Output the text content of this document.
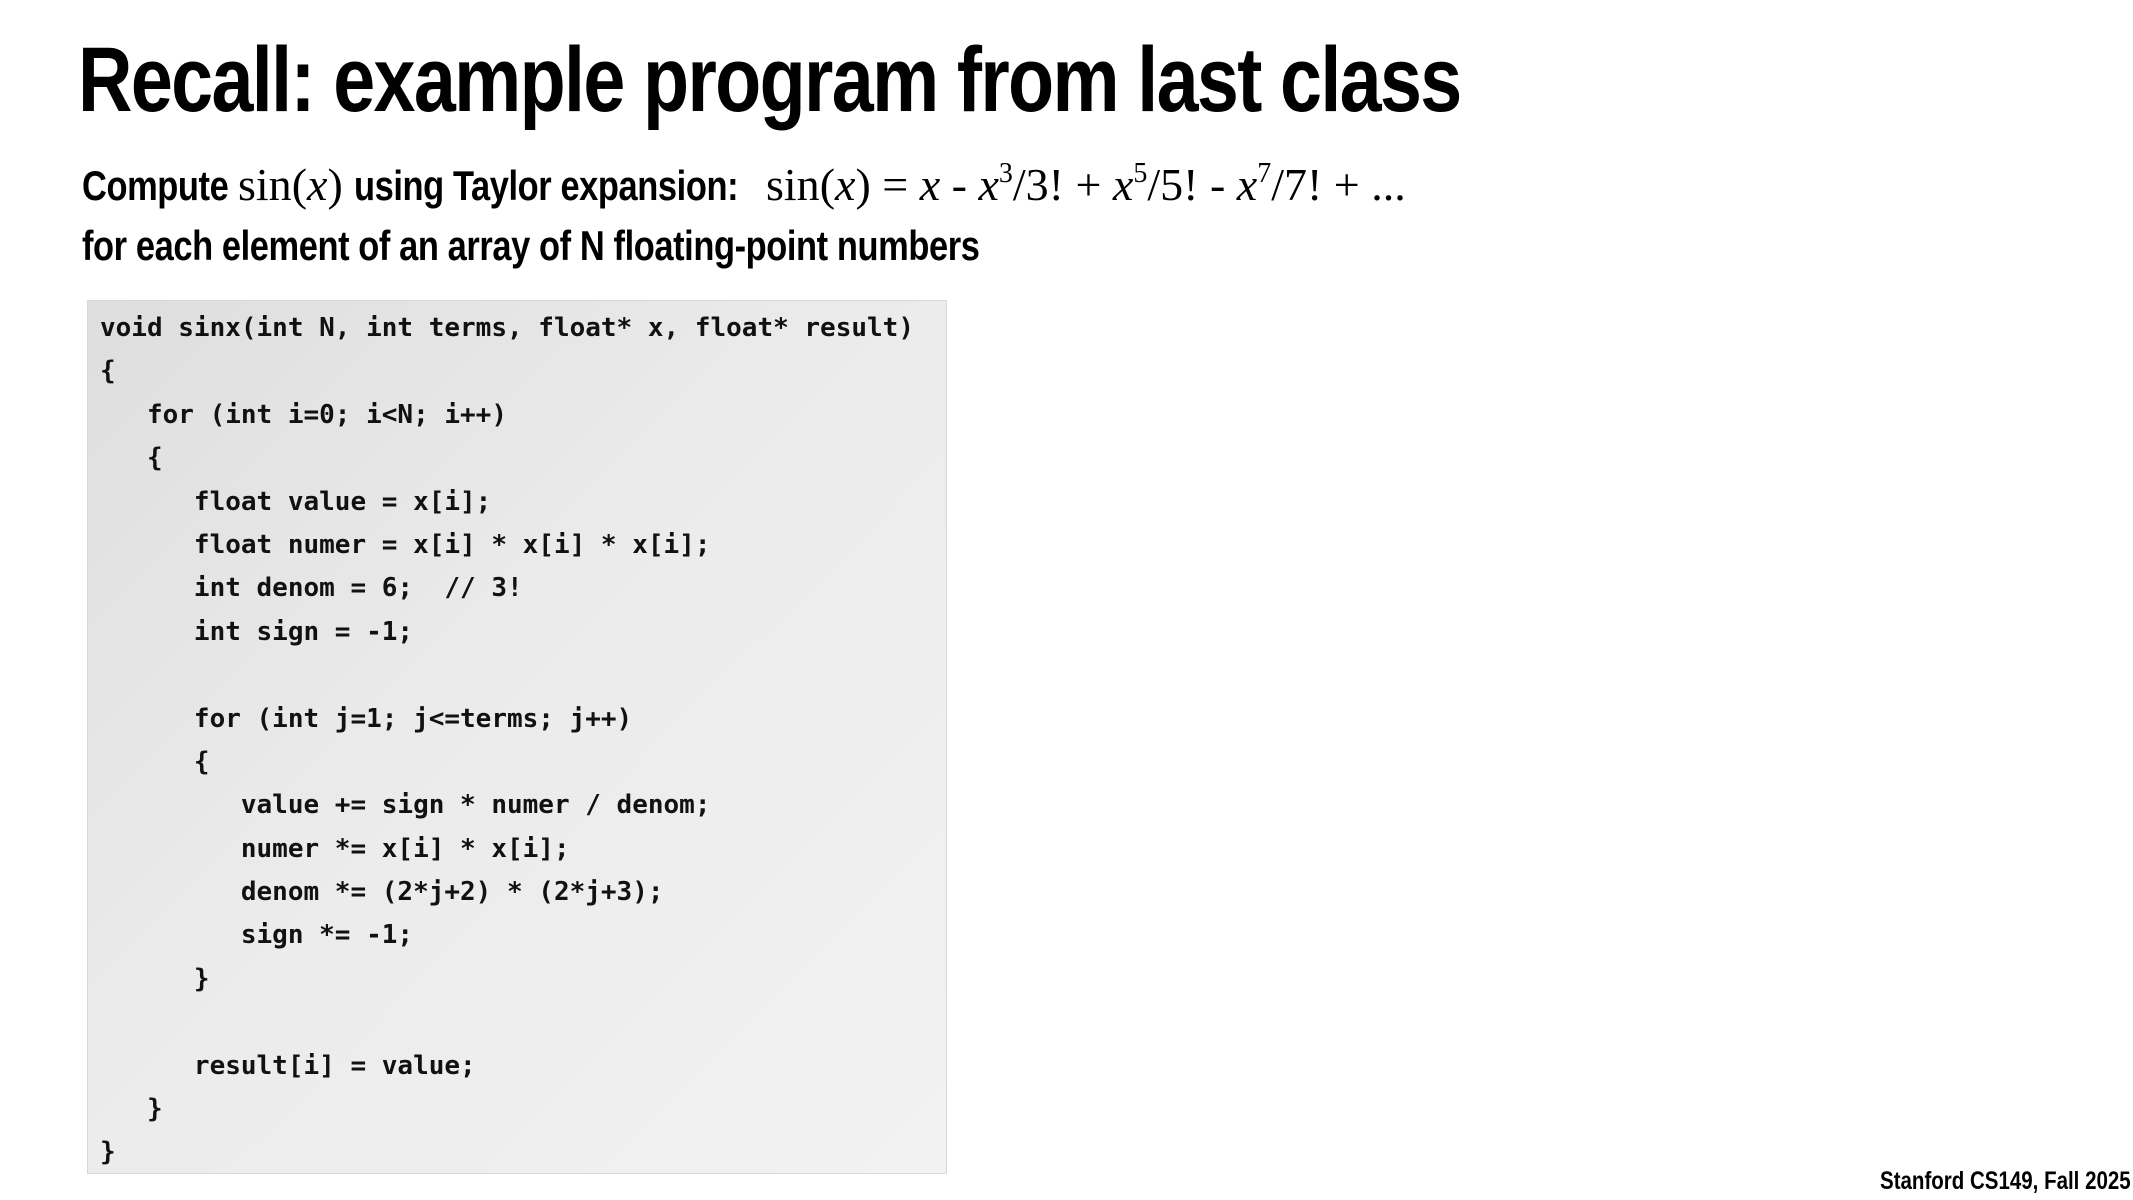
Recall: example program from last class
Compute sin(x) using Taylor expansion: $\sin(x) = x - x^3/3$! + $x^5/5$! - $x^7/7$! + ...
for each element of an array of N floating-point numbers
void sinx(int N, int terms, float* x, float* result)
{
for (int i=0; i<N; i++)
{
float value = x[i];
float numer = x[i] * x[i] * x[i];
int denom = 6;  // 3!
int sign = -1;
for (int j=1; j<=terms; j++)
{
value += sign * numer / denom;
numer *= x[i] * x[i];
denom *= (2*j+2) * (2*j+3);
sign *= -1;
}
result[i] = value;
}
}
Stanford CS149, Fall 2025
